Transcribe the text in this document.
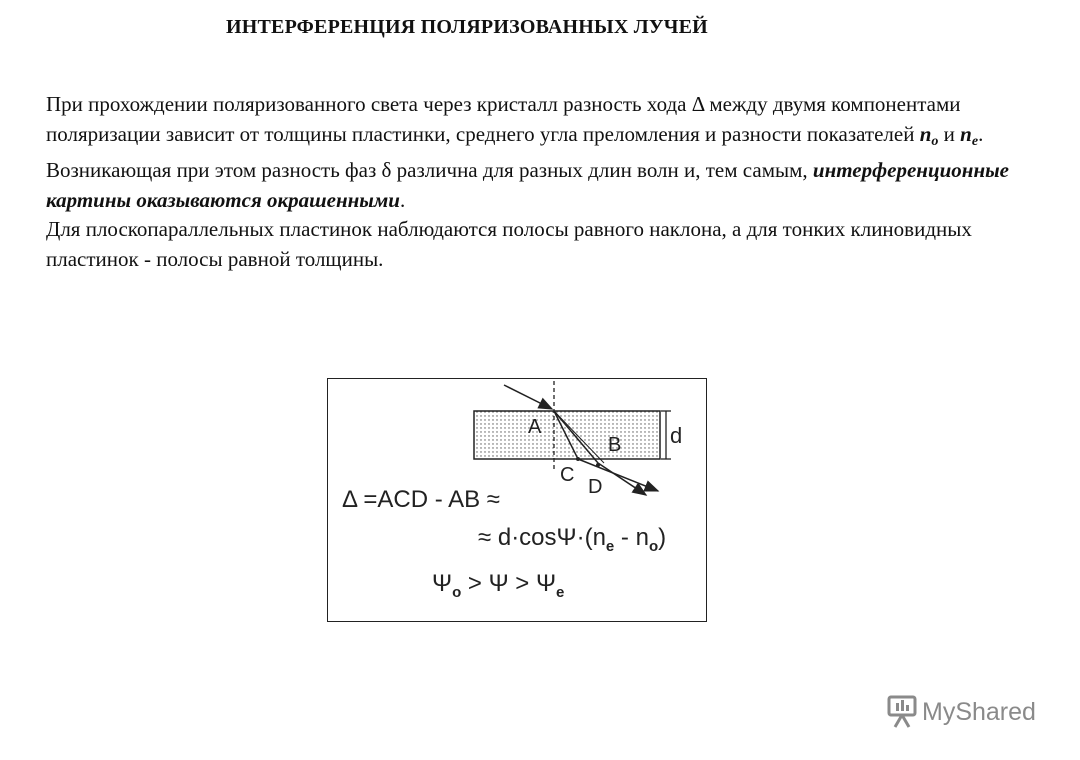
ИНТЕРФЕРЕНЦИЯ ПОЛЯРИЗОВАННЫХ ЛУЧЕЙ

При прохождении поляризованного света через кристалл разность хода Δ между двумя компонентами поляризации зависит от толщины пластинки, среднего угла преломления и разности показателей $n_o$ и $n_e$.

Возникающая при этом разность фаз δ различна для разных длин волн и, тем самым, интерференционные картины оказываются окрашенными.

Для плоскопараллельных пластинок наблюдаются полосы равного наклона, а для тонких клиновидных пластинок - полосы равной толщины.

d
A
B
C
D
Δ =ACD - AB ≈
≈ $d\cdot\cos\Psi\cdot(n_e - n_o)$
$\Psi_o > \Psi > \Psi_e$
MyShared
